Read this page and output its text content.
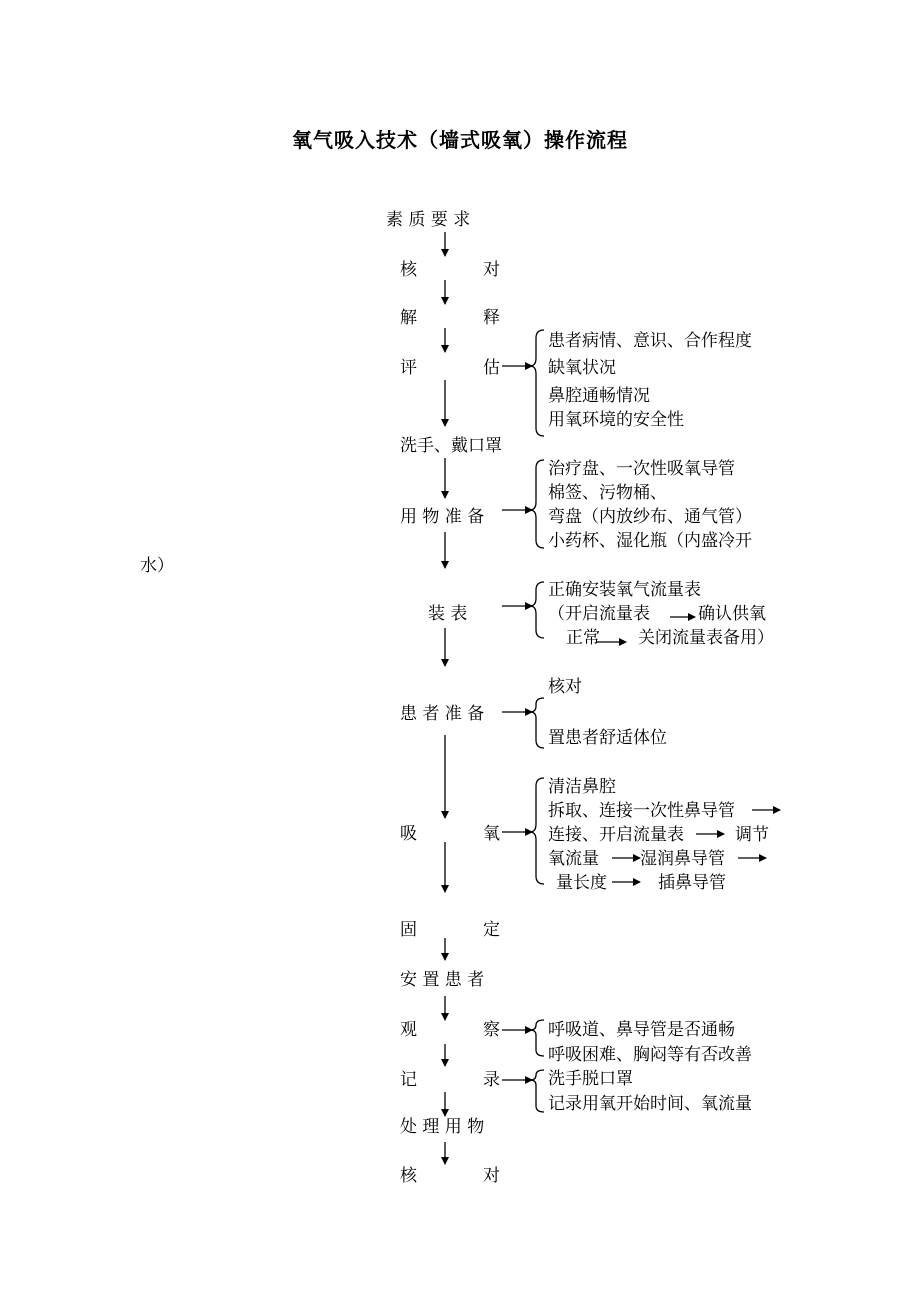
氧气吸入技术（墙式吸氧）操作流程
素 质 要 求
核	对
解	释
评	估
洗手、戴口罩
用 物 准 备
装 表
患 者 准 备
吸	氧
固	定
安 置 患 者
观	察
记	录
处 理 用 物
核	对
患者病情、意识、合作程度
缺氧状况
鼻腔通畅情况
用氧环境的安全性
治疗盘、一次性吸氧导管
棉签、污物桶、
弯盘（内放纱布、通气管）
小药杯、湿化瓶（内盛冷开
水）
正确安装氧气流量表
（开启流量表	确认供氧
正常 关闭流量表备用）
核对
置患者舒适体位
清洁鼻腔
拆取、连接一次性鼻导管
连接、开启流量表	调节
氧流量 湿润鼻导管
量长度	插鼻导管
呼吸道、鼻导管是否通畅
呼吸困难、胸闷等有否改善
洗手脱口罩
记录用氧开始时间、氧流量
